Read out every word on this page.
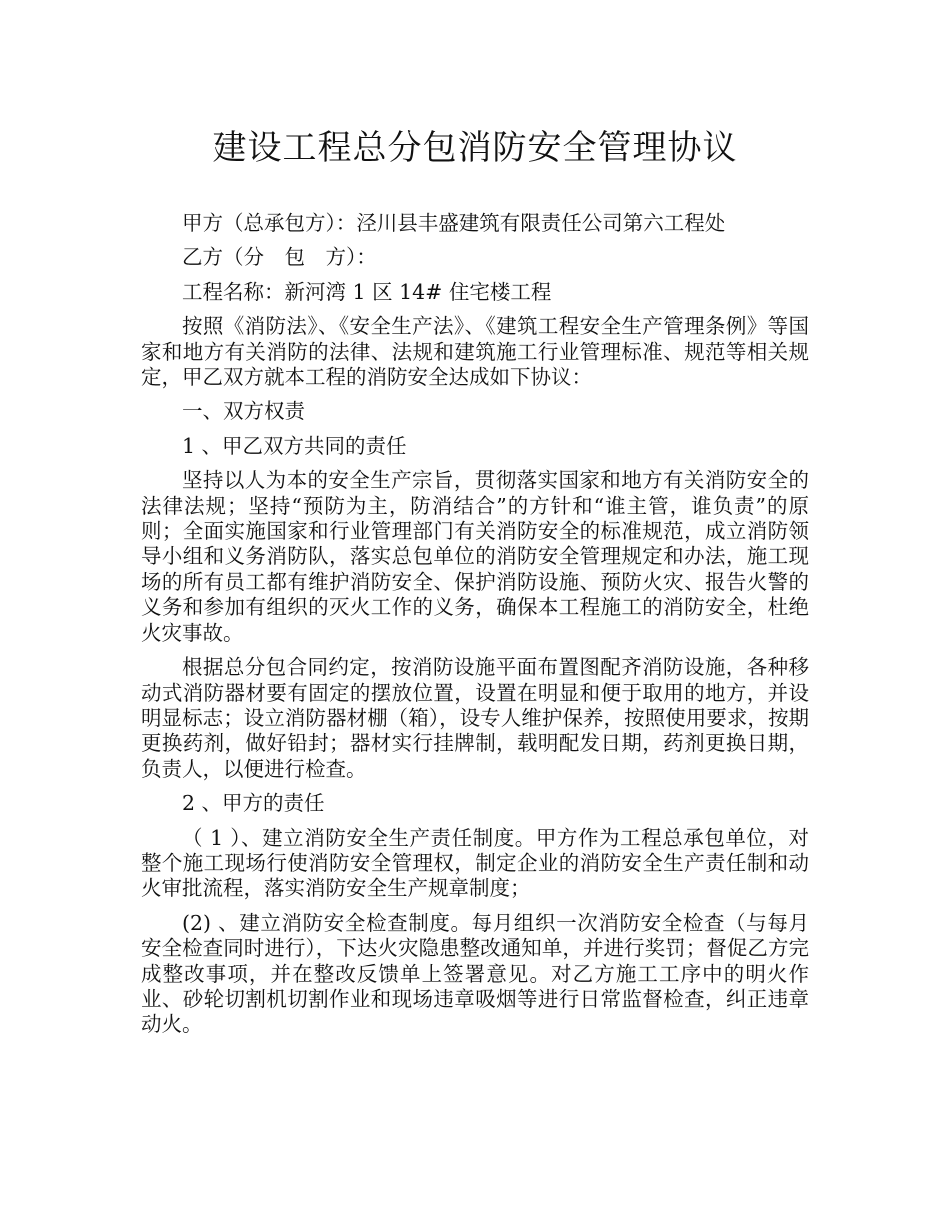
建设工程总分包消防安全管理协议

甲方（总承包方）：泾川县丰盛建筑有限责任公司第六工程处

乙方（分　包　方）：

工程名称：新河湾 1 区 14# 住宅楼工程

按照《消防法》、《安全生产法》、《建筑工程安全生产管理条例》等国家和地方有关消防的法律、法规和建筑施工行业管理标准、规范等相关规定，甲乙双方就本工程的消防安全达成如下协议：

一、双方权责

1 、甲乙双方共同的责任

坚持以人为本的安全生产宗旨，贯彻落实国家和地方有关消防安全的法律法规；坚持“预防为主，防消结合”的方针和“谁主管，谁负责”的原则；全面实施国家和行业管理部门有关消防安全的标准规范，成立消防领导小组和义务消防队，落实总包单位的消防安全管理规定和办法，施工现场的所有员工都有维护消防安全、保护消防设施、预防火灾、报告火警的义务和参加有组织的灭火工作的义务，确保本工程施工的消防安全，杜绝火灾事故。

根据总分包合同约定，按消防设施平面布置图配齐消防设施，各种移动式消防器材要有固定的摆放位置，设置在明显和便于取用的地方，并设明显标志；设立消防器材棚（箱），设专人维护保养，按照使用要求，按期更换药剂，做好铅封；器材实行挂牌制，载明配发日期，药剂更换日期，负责人，以便进行检查。

2 、甲方的责任

（ 1 ）、建立消防安全生产责任制度。甲方作为工程总承包单位，对整个施工现场行使消防安全管理权，制定企业的消防安全生产责任制和动火审批流程，落实消防安全生产规章制度；

(2) 、建立消防安全检查制度。每月组织一次消防安全检查（与每月安全检查同时进行），下达火灾隐患整改通知单，并进行奖罚；督促乙方完成整改事项，并在整改反馈单上签署意见。对乙方施工工序中的明火作业、砂轮切割机切割作业和现场违章吸烟等进行日常监督检查，纠正违章动火。
